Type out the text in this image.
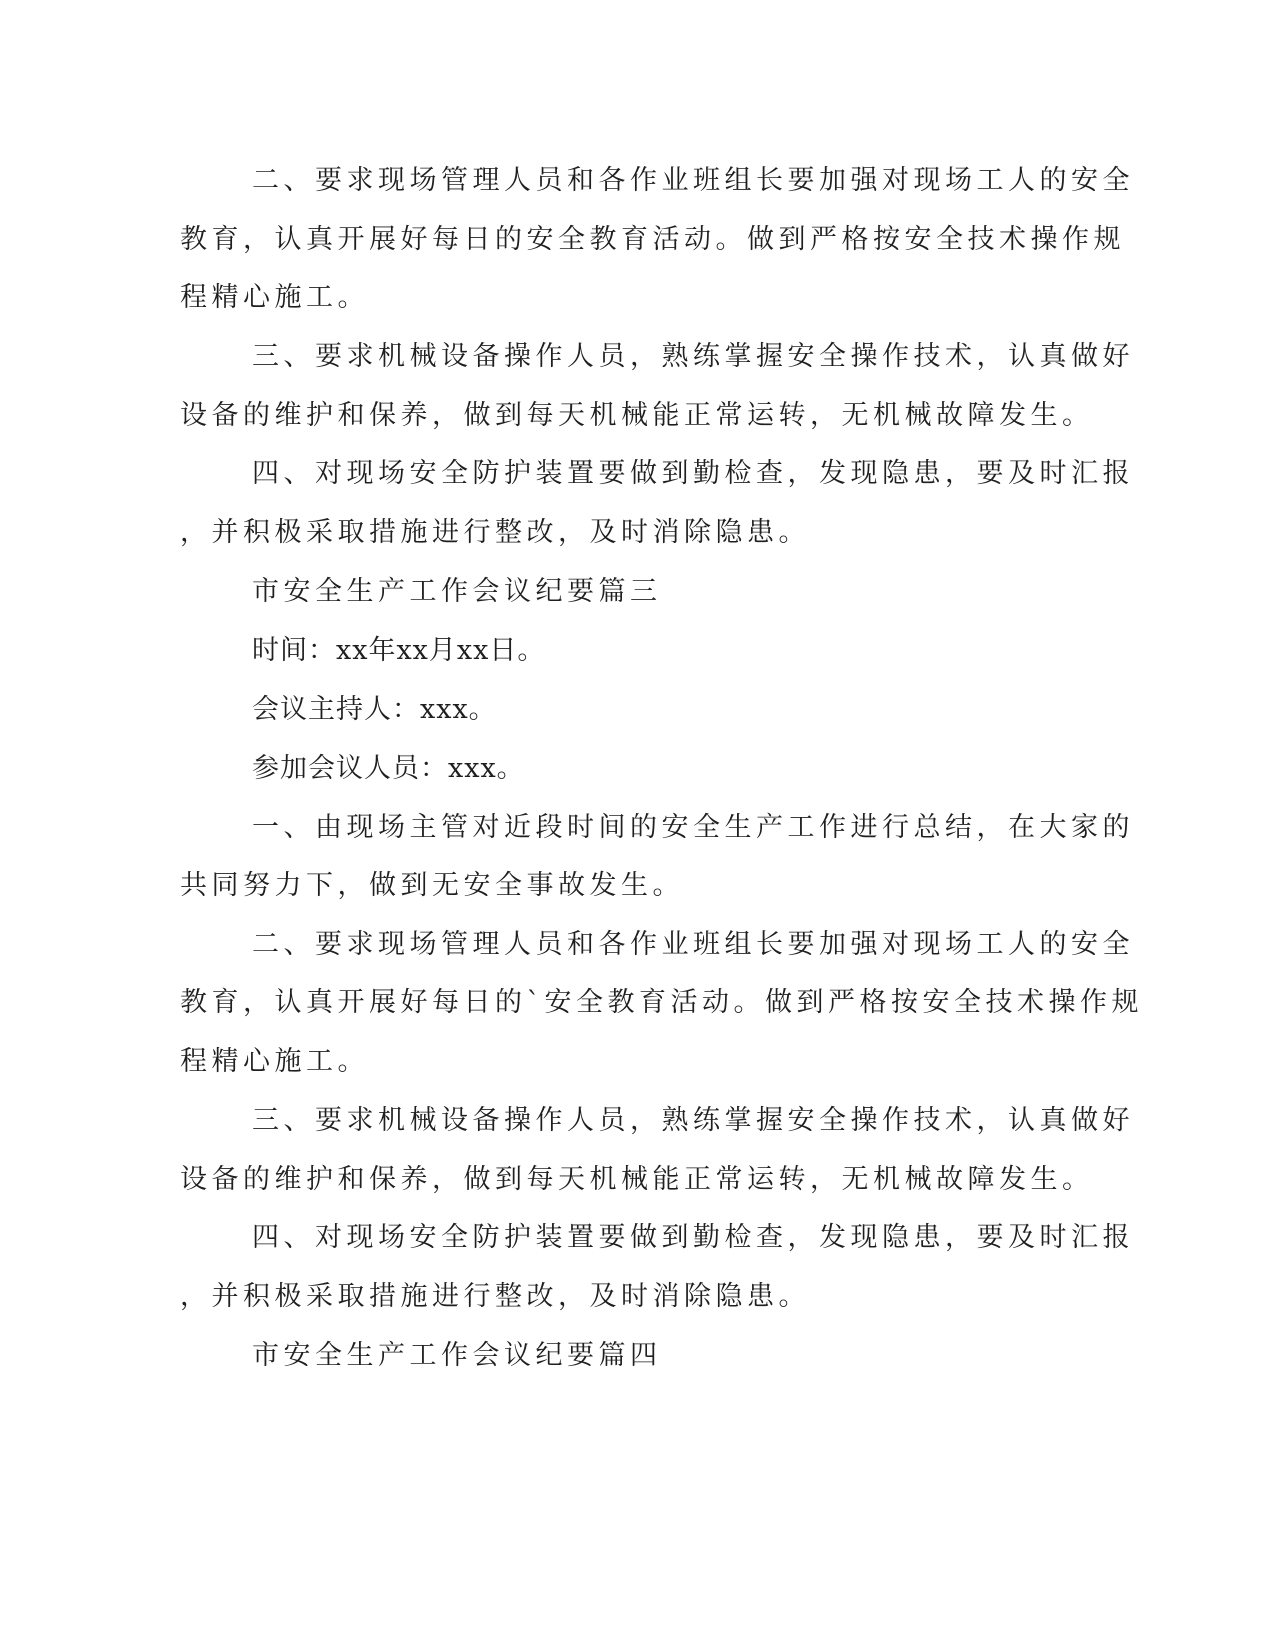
二、要求现场管理人员和各作业班组长要加强对现场工人的安全

教育，认真开展好每日的安全教育活动。做到严格按安全技术操作规

程精心施工。

三、要求机械设备操作人员，熟练掌握安全操作技术，认真做好

设备的维护和保养，做到每天机械能正常运转，无机械故障发生。

四、对现场安全防护装置要做到勤检查，发现隐患，要及时汇报

，并积极采取措施进行整改，及时消除隐患。

市安全生产工作会议纪要篇三

时间：xx年xx月xx日。

会议主持人：xxx。

参加会议人员：xxx。

一、由现场主管对近段时间的安全生产工作进行总结，在大家的

共同努力下，做到无安全事故发生。

二、要求现场管理人员和各作业班组长要加强对现场工人的安全

教育，认真开展好每日的`安全教育活动。做到严格按安全技术操作规

程精心施工。

三、要求机械设备操作人员，熟练掌握安全操作技术，认真做好

设备的维护和保养，做到每天机械能正常运转，无机械故障发生。

四、对现场安全防护装置要做到勤检查，发现隐患，要及时汇报

，并积极采取措施进行整改，及时消除隐患。

市安全生产工作会议纪要篇四
